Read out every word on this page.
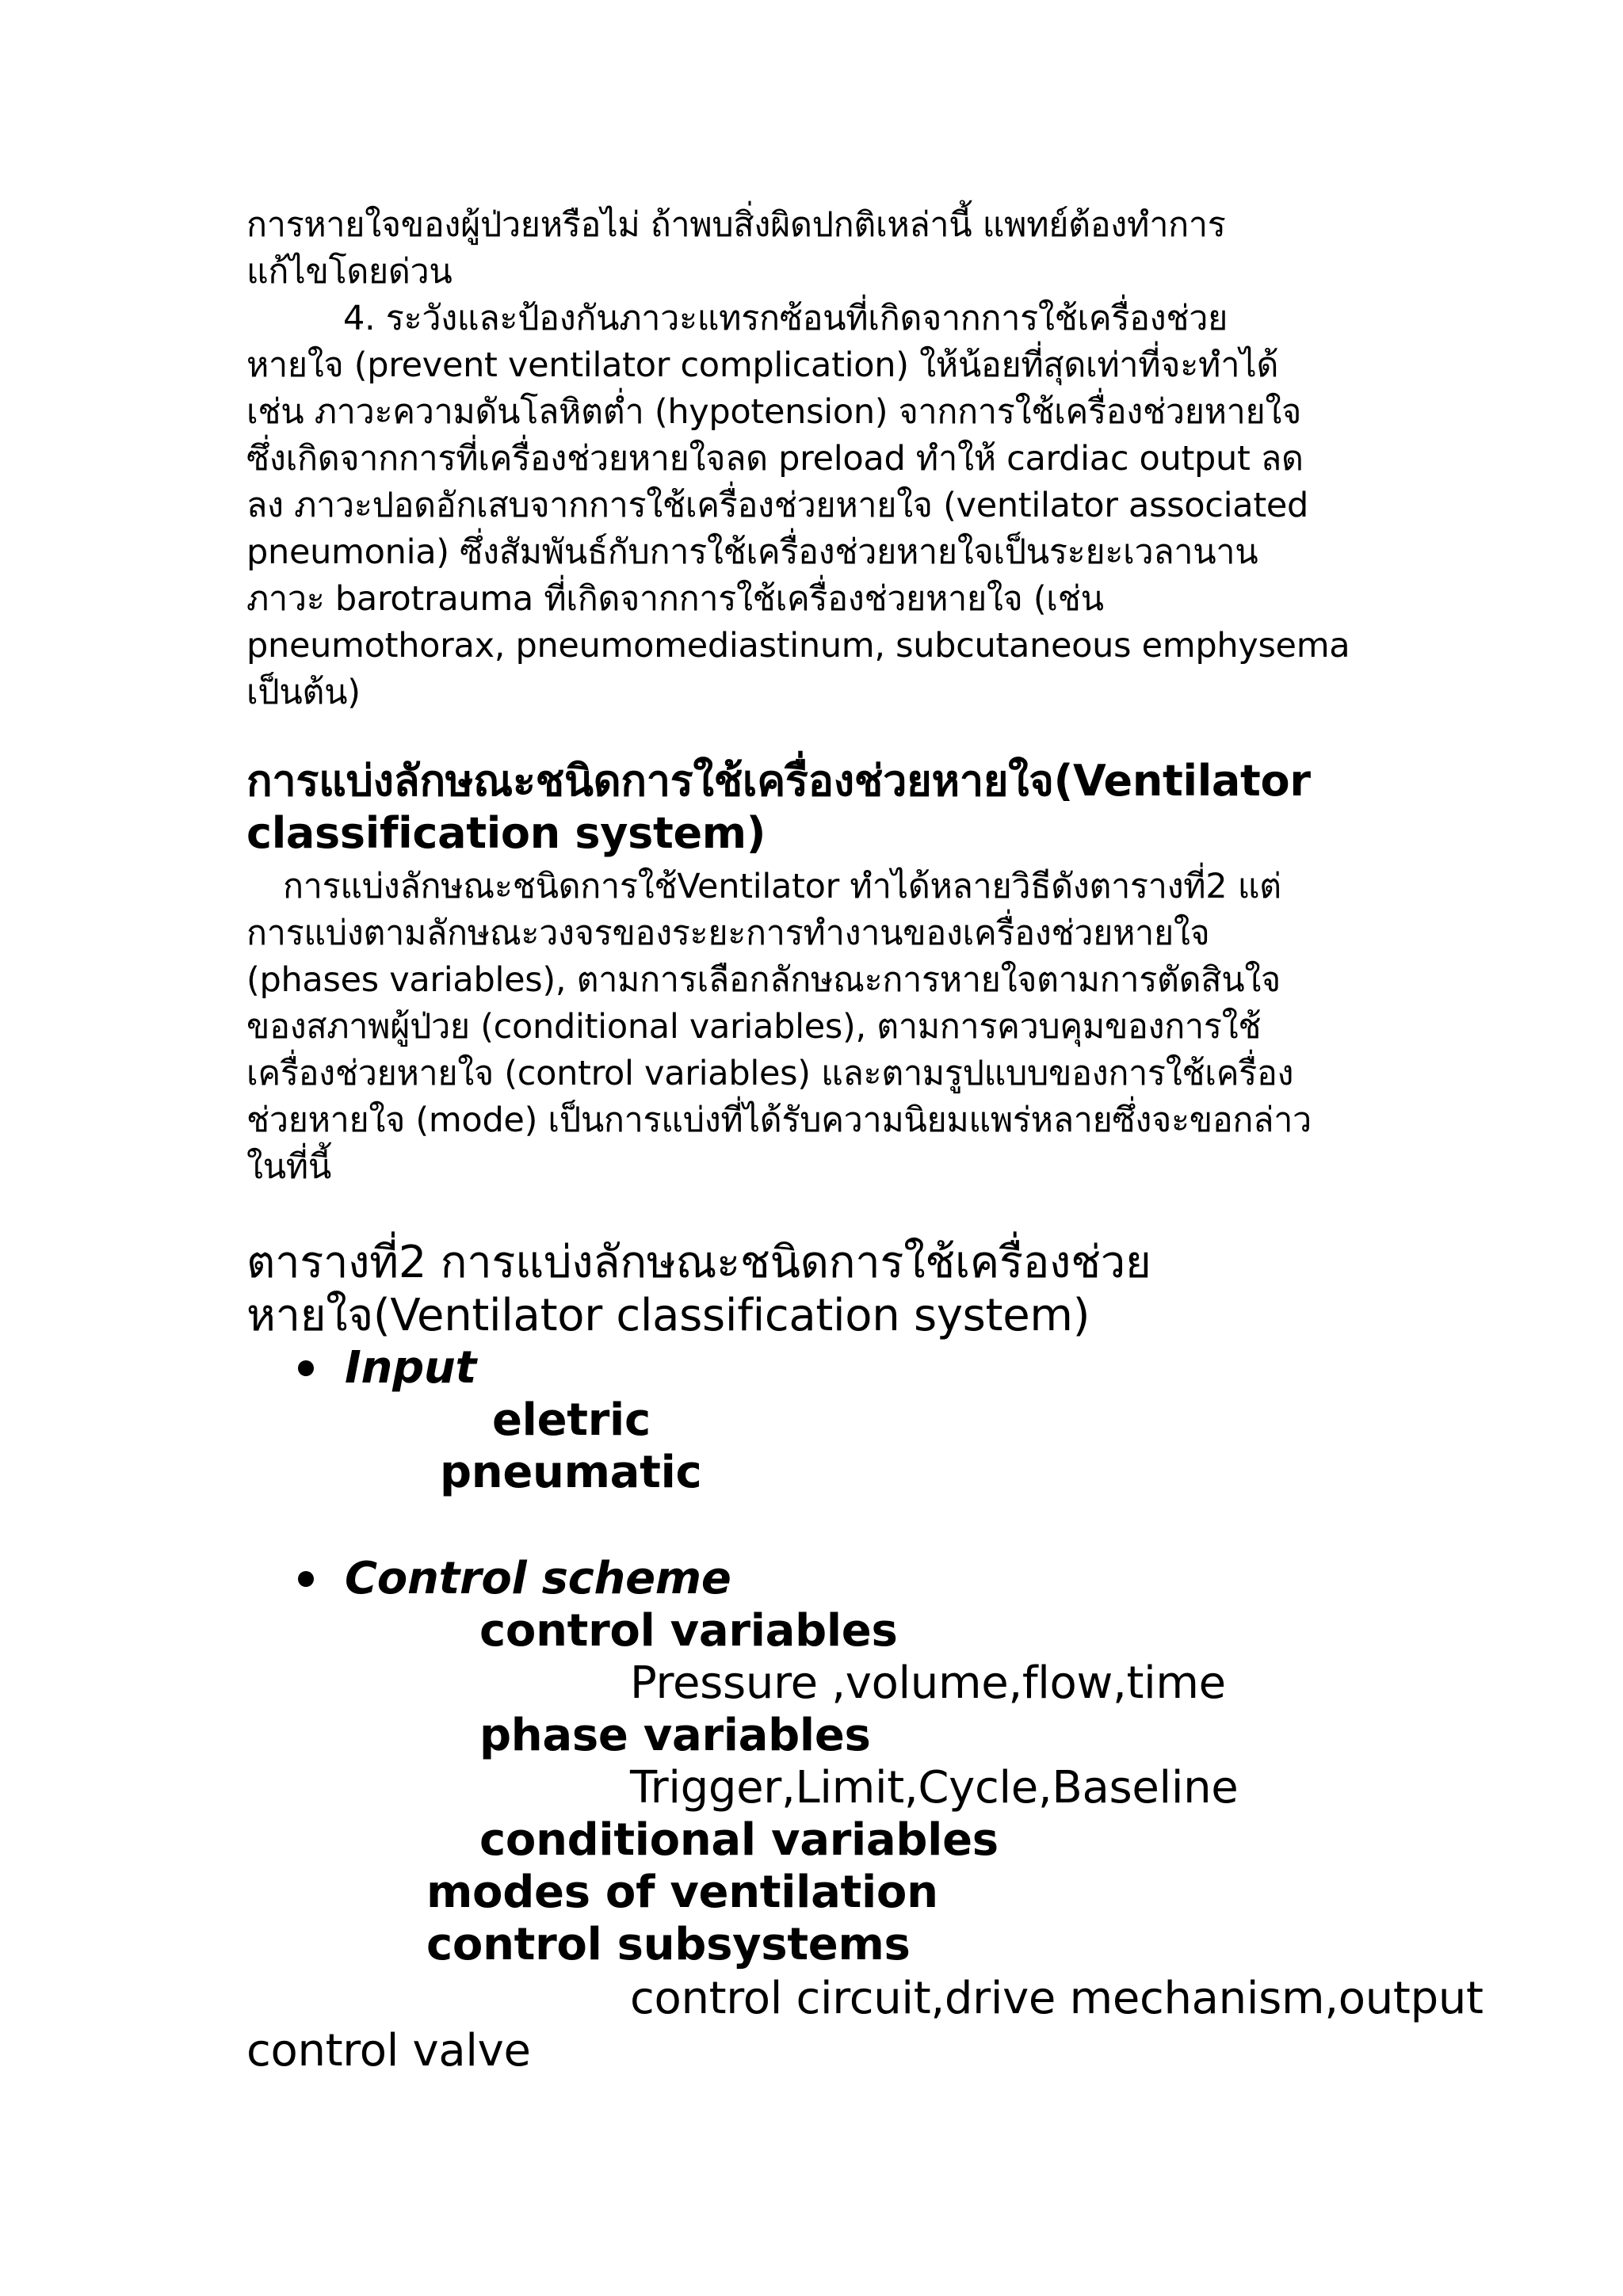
การหายใจของผู้ป่วยหรือไม่ ถ้าพบสิ่งผิดปกติเหล่านี้ แพทย์ต้องทำการ
แก้ไขโดยด่วน
4. ระวังและป้องกันภาวะแทรกซ้อนที่เกิดจากการใช้เครื่องช่วย
หายใจ (prevent ventilator complication) ให้น้อยที่สุดเท่าที่จะทำได้
เช่น ภาวะความดันโลหิตต่ำ (hypotension) จากการใช้เครื่องช่วยหายใจ
ซึ่งเกิดจากการที่เครื่องช่วยหายใจลด preload ทำให้ cardiac output ลด
ลง ภาวะปอดอักเสบจากการใช้เครื่องช่วยหายใจ (ventilator associated
pneumonia) ซึ่งสัมพันธ์กับการใช้เครื่องช่วยหายใจเป็นระยะเวลานาน
ภาวะ barotrauma ที่เกิดจากการใช้เครื่องช่วยหายใจ (เช่น
pneumothorax, pneumomediastinum, subcutaneous emphysema
เป็นต้น)
การแบ่งลักษณะชนิดการใช้เครื่องช่วยหายใจ(Ventilator
classification system)
การแบ่งลักษณะชนิดการใช้Ventilator ทำได้หลายวิธีดังตารางที่2 แต่
การแบ่งตามลักษณะวงจรของระยะการทำงานของเครื่องช่วยหายใจ
(phases variables), ตามการเลือกลักษณะการหายใจตามการตัดสินใจ
ของสภาพผู้ป่วย (conditional variables), ตามการควบคุมของการใช้
เครื่องช่วยหายใจ (control variables) และตามรูปแบบของการใช้เครื่อง
ช่วยหายใจ (mode) เป็นการแบ่งที่ได้รับความนิยมแพร่หลายซึ่งจะขอกล่าว
ในที่นี้
ตารางที่2 การแบ่งลักษณะชนิดการใช้เครื่องช่วย
หายใจ(Ventilator classification system)
Input
eletric
pneumatic
Control scheme
control variables
Pressure ,volume,flow,time
phase variables
Trigger,Limit,Cycle,Baseline
conditional variables
modes of ventilation
control subsystems
control circuit,drive mechanism,output
control valve
